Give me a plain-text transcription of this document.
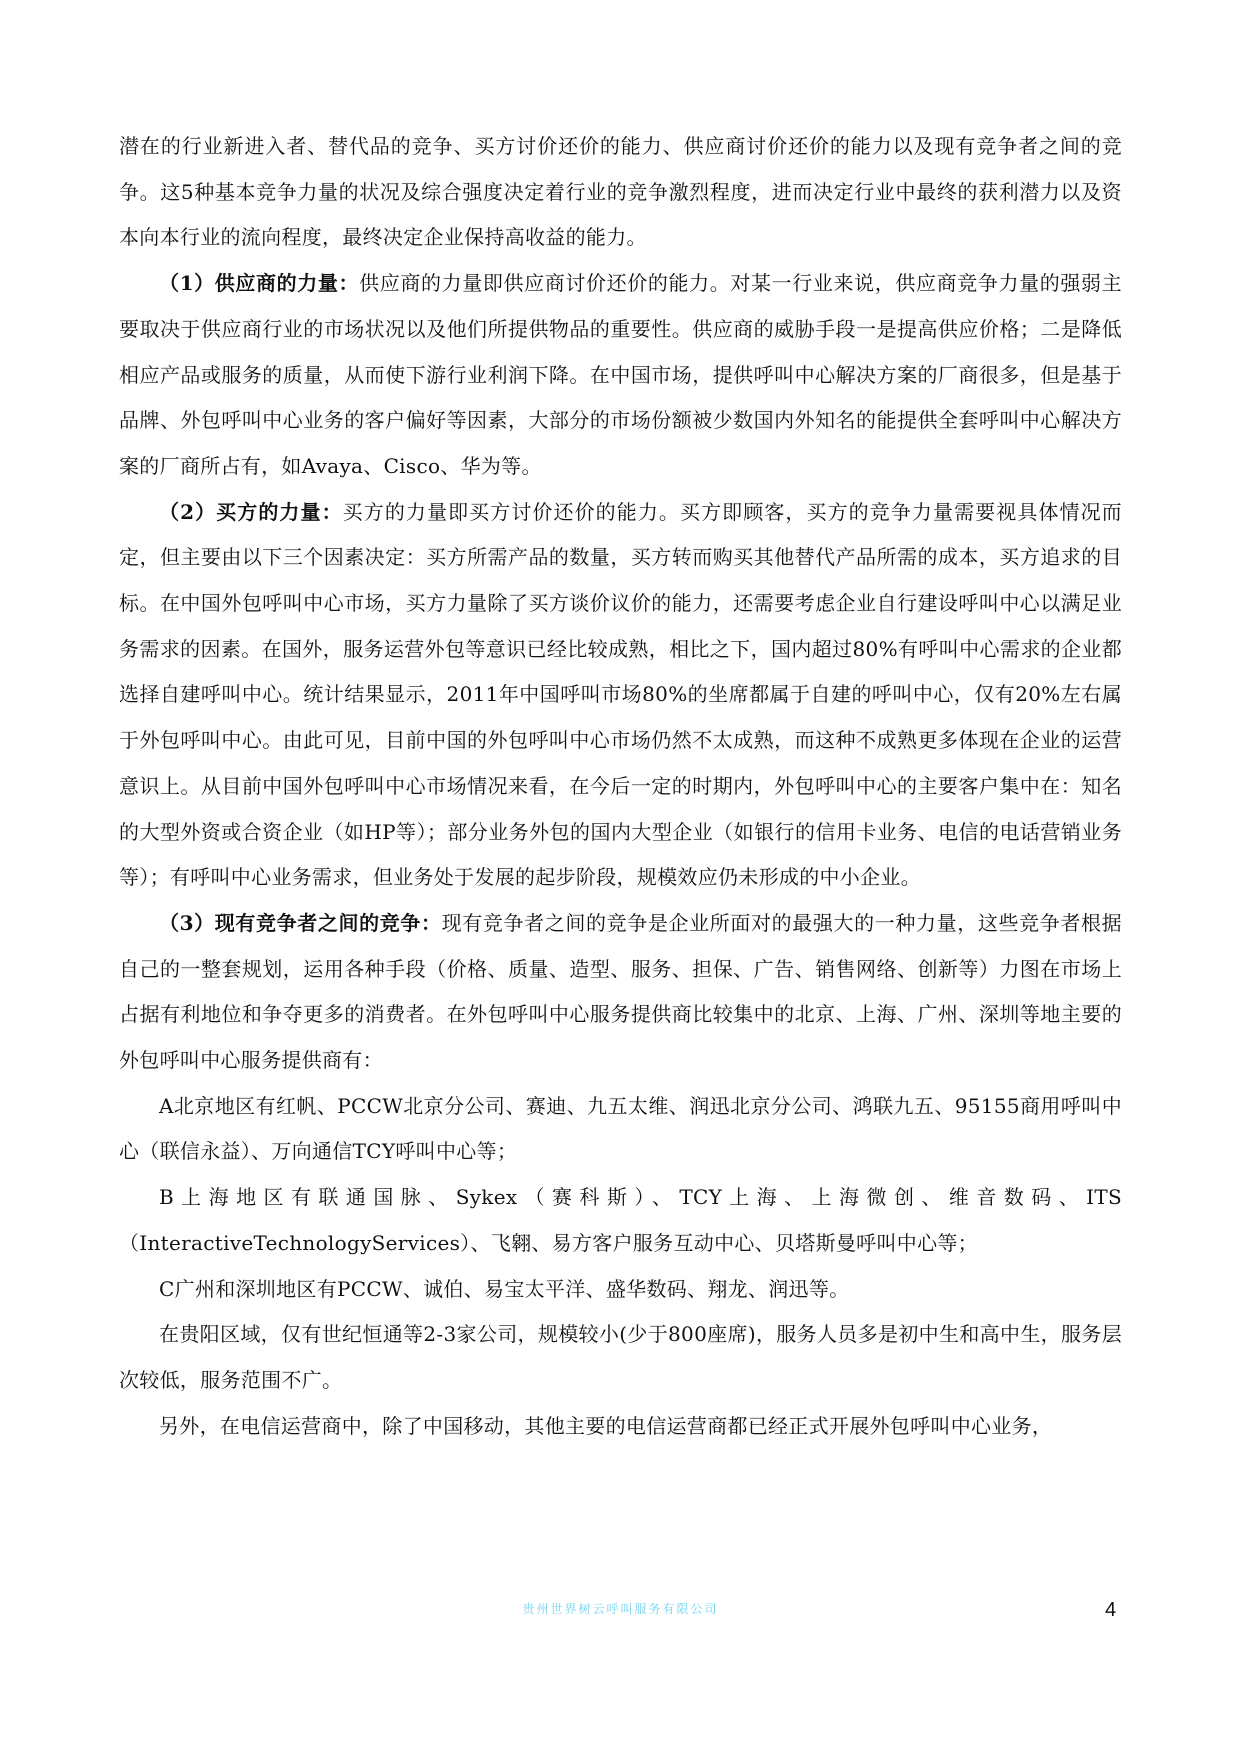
潜在的行业新进入者、替代品的竞争、买方讨价还价的能力、供应商讨价还价的能力以及现有竞争者之间的竞争。这5种基本竞争力量的状况及综合强度决定着行业的竞争激烈程度，进而决定行业中最终的获利潜力以及资本向本行业的流向程度，最终决定企业保持高收益的能力。

（1）供应商的力量：供应商的力量即供应商讨价还价的能力。对某一行业来说，供应商竞争力量的强弱主要取决于供应商行业的市场状况以及他们所提供物品的重要性。供应商的威胁手段一是提高供应价格；二是降低相应产品或服务的质量，从而使下游行业利润下降。在中国市场，提供呼叫中心解决方案的厂商很多，但是基于品牌、外包呼叫中心业务的客户偏好等因素，大部分的市场份额被少数国内外知名的能提供全套呼叫中心解决方案的厂商所占有，如Avaya、Cisco、华为等。

（2）买方的力量：买方的力量即买方讨价还价的能力。买方即顾客，买方的竞争力量需要视具体情况而定，但主要由以下三个因素决定：买方所需产品的数量，买方转而购买其他替代产品所需的成本，买方追求的目标。在中国外包呼叫中心市场，买方力量除了买方谈价议价的能力，还需要考虑企业自行建设呼叫中心以满足业务需求的因素。在国外，服务运营外包等意识已经比较成熟，相比之下，国内超过80%有呼叫中心需求的企业都选择自建呼叫中心。统计结果显示，2011年中国呼叫市场80%的坐席都属于自建的呼叫中心，仅有20%左右属于外包呼叫中心。由此可见，目前中国的外包呼叫中心市场仍然不太成熟，而这种不成熟更多体现在企业的运营意识上。从目前中国外包呼叫中心市场情况来看，在今后一定的时期内，外包呼叫中心的主要客户集中在：知名的大型外资或合资企业（如HP等）；部分业务外包的国内大型企业（如银行的信用卡业务、电信的电话营销业务等）；有呼叫中心业务需求，但业务处于发展的起步阶段，规模效应仍未形成的中小企业。

（3）现有竞争者之间的竞争：现有竞争者之间的竞争是企业所面对的最强大的一种力量，这些竞争者根据自己的一整套规划，运用各种手段（价格、质量、造型、服务、担保、广告、销售网络、创新等）力图在市场上占据有利地位和争夺更多的消费者。在外包呼叫中心服务提供商比较集中的北京、上海、广州、深圳等地主要的外包呼叫中心服务提供商有：

A北京地区有红帆、PCCW北京分公司、赛迪、九五太维、润迅北京分公司、鸿联九五、95155商用呼叫中心（联信永益）、万向通信TCY呼叫中心等；

B上海地区有联通国脉、Sykex（赛科斯）、TCY上海、上海微创、维音数码、ITS（InteractiveTechnologyServices）、飞翱、易方客户服务互动中心、贝塔斯曼呼叫中心等；

C广州和深圳地区有PCCW、诚伯、易宝太平洋、盛华数码、翔龙、润迅等。

在贵阳区域，仅有世纪恒通等2-3家公司，规模较小(少于800座席)，服务人员多是初中生和高中生，服务层次较低，服务范围不广。

另外，在电信运营商中，除了中国移动，其他主要的电信运营商都已经正式开展外包呼叫中心业务，

贵州世界树云呼叫服务有限公司	4
